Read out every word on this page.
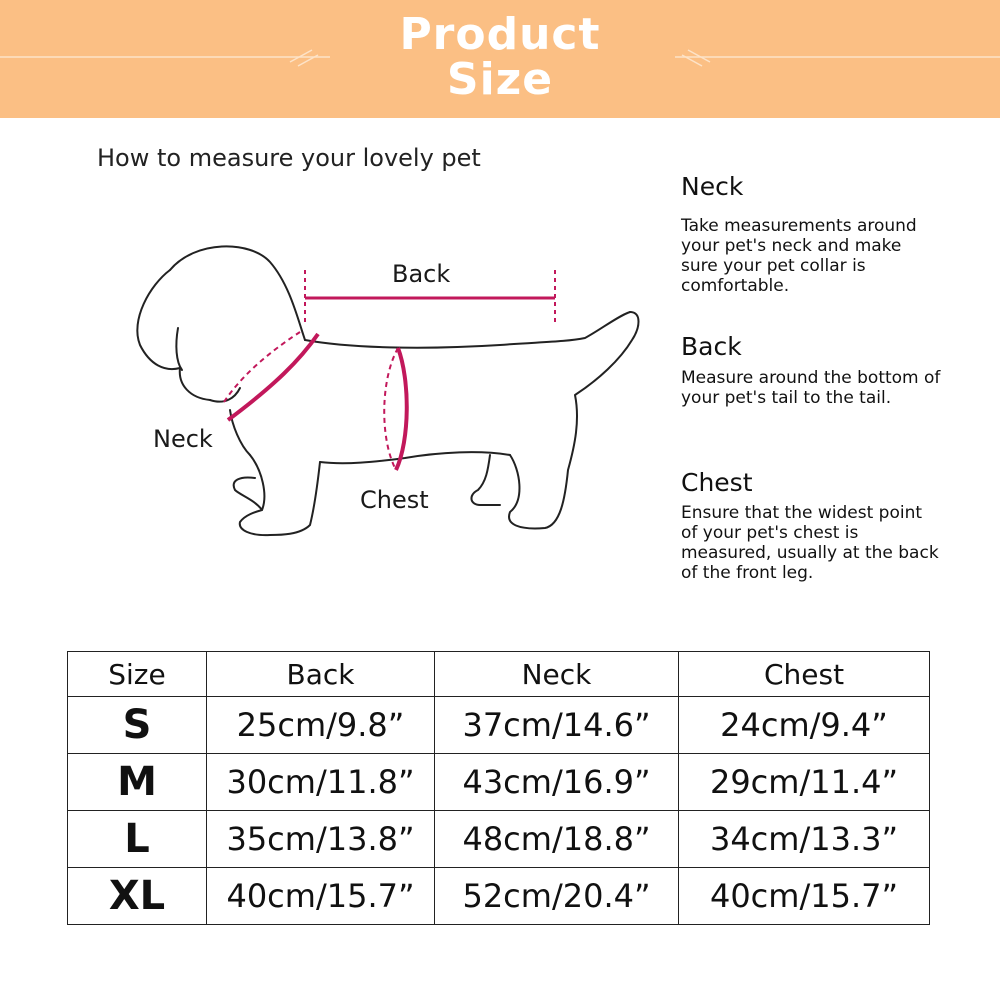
Product
Size
How to measure your lovely pet
Back
Neck
Chest
Neck
Take measurements around your pet's neck and make sure your pet collar is comfortable.
Back
Measure around the bottom of your pet's tail to the tail.
Chest
Ensure that the widest point of your pet's chest is measured, usually at the back of the front leg.
Size	Back	Neck	Chest
S	25cm/9.8”	37cm/14.6”	24cm/9.4”
M	30cm/11.8”	43cm/16.9”	29cm/11.4”
L	35cm/13.8”	48cm/18.8”	34cm/13.3”
XL	40cm/15.7”	52cm/20.4”	40cm/15.7”
